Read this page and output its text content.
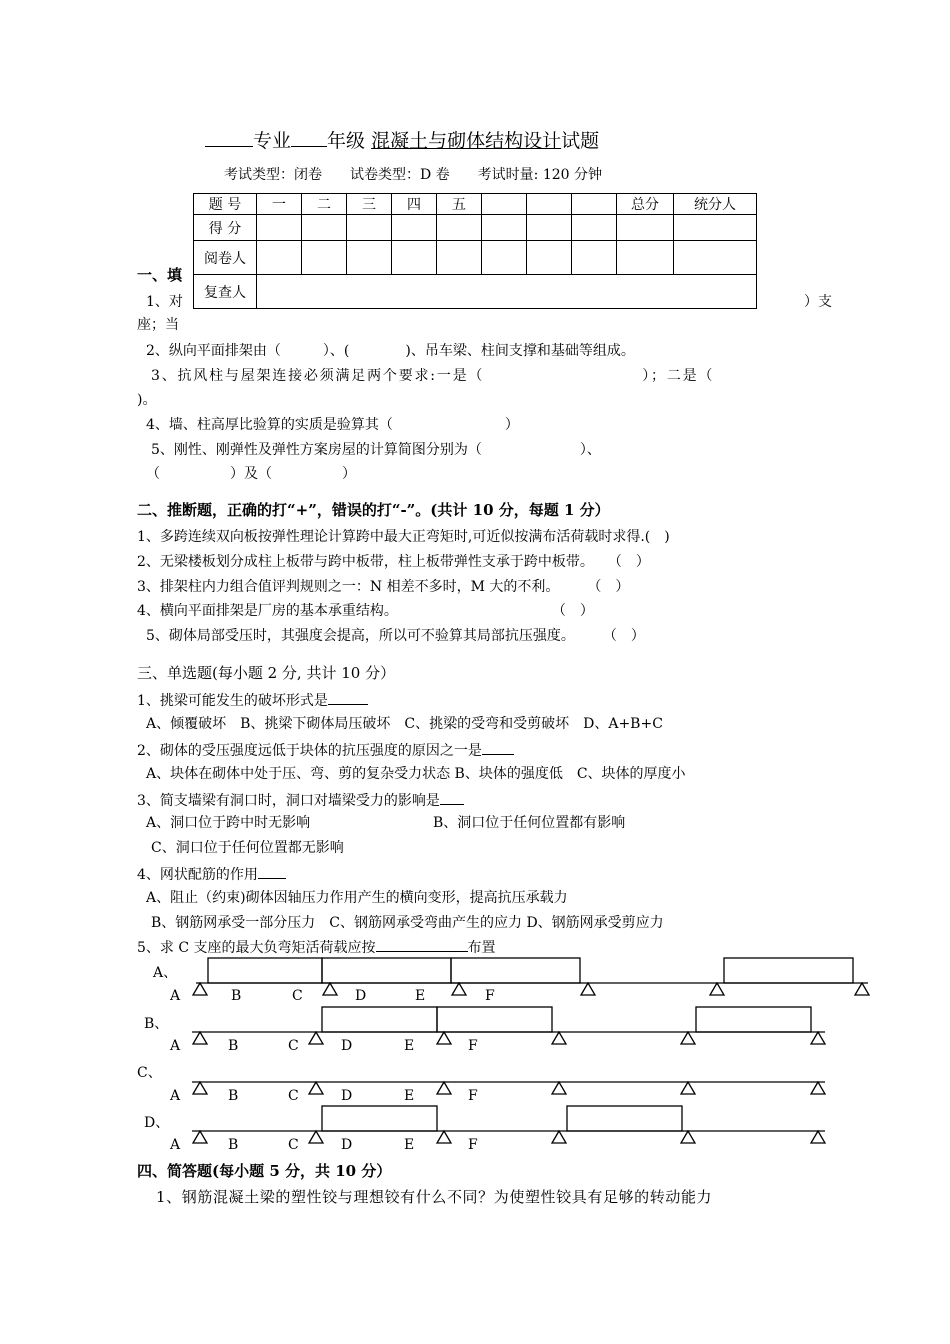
专业 年级 混凝土与砌体结构设计试题
考试类型：闭卷　　试卷类型：D 卷　　考试时量: 120 分钟
题 号	一	二	三	四	五				总分	统分人
得 分										
阅卷人										
复查人										
一、填
1、对	）支
座；当
2、纵向平面排架由（　　　）、(　　　　)、吊车梁、柱间支撑和基础等组成。
3、抗风柱与屋架连接必须满足两个要求:一是（　　　　　　　　　　）；二是（
)。
4、墙、柱高厚比验算的实质是验算其（　　　　　　　　）
5、刚性、刚弹性及弹性方案房屋的计算简图分别为（　　　　　　　）、
（　　　　　）及（　　　　　）
二、推断题，正确的打“+”，错误的打“-”。(共计 10 分，每题 1 分）
1、多跨连续双向板按弹性理论计算跨中最大正弯矩时,可近似按满布活荷载时求得.(　)
2、无梁楼板划分成柱上板带与跨中板带，柱上板带弹性支承于跨中板带。　　（　）
3、排架柱内力组合值评判规则之一：N 相差不多时，M 大的不利。　　　（　）
4、横向平面排架是厂房的基本承重结构。　　　　　　　　　　　　（　）
5、砌体局部受压时，其强度会提高，所以可不验算其局部抗压强度。　　　（　）
三、单选题(每小题 2 分, 共计 10 分）
1、挑梁可能发生的破坏形式是
A、倾覆破坏　B、挑梁下砌体局压破坏　C、挑梁的受弯和受剪破坏　D、A+B+C
2、砌体的受压强度远低于块体的抗压强度的原因之一是
A、块体在砌体中处于压、弯、剪的复杂受力状态 B、块体的强度低　C、块体的厚度小
3、简支墙梁有洞口时，洞口对墙梁受力的影响是
A、洞口位于跨中时无影响	B、洞口位于任何位置都有影响
C、洞口位于任何位置都无影响
4、网状配筋的作用
A、阻止（约束)砌体因轴压力作用产生的横向变形，提高抗压承载力
B、钢筋网承受一部分压力　C、钢筋网承受弯曲产生的应力 D、钢筋网承受剪应力
5、求 C 支座的最大负弯矩活荷载应按	布置
A、
A	B	C	D	E	F
B、
A	B	C	D	E	F
C、
A	B	C	D	E	F
D、
A	B	C	D	E	F
四、简答题(每小题 5 分，共 10 分）
1、钢筋混凝土梁的塑性铰与理想铰有什么不同？为使塑性铰具有足够的转动能力
